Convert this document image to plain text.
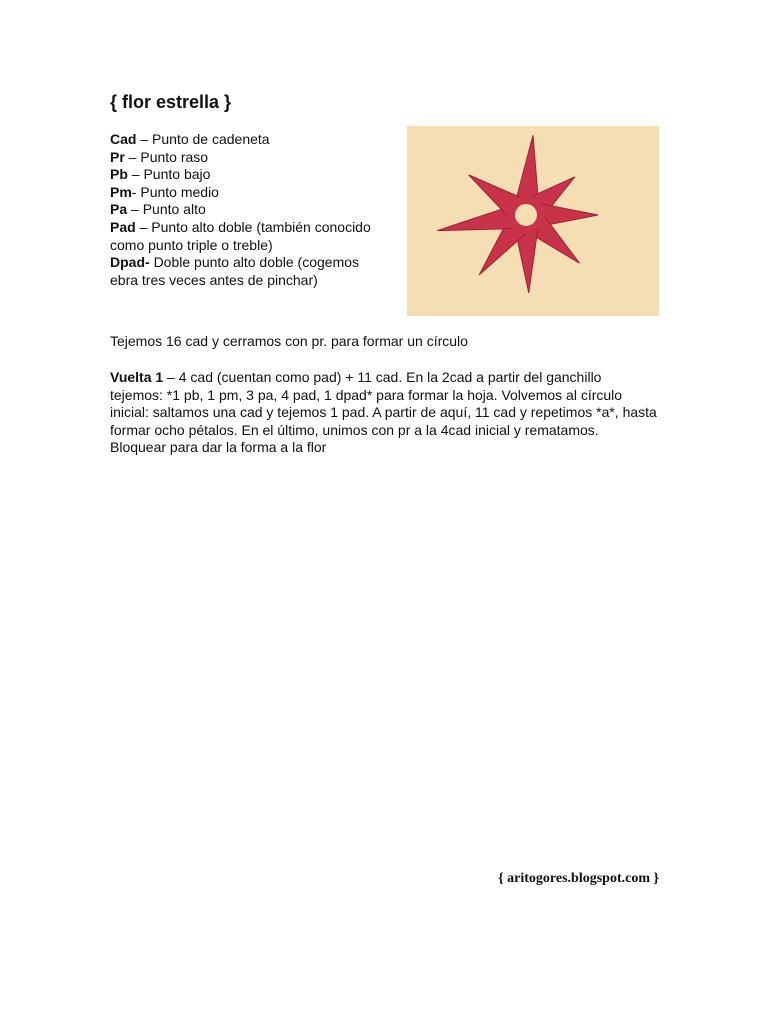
{ flor estrella }

Cad – Punto de cadeneta

Pr – Punto raso

Pb – Punto bajo

Pm- Punto medio

Pa – Punto alto

Pad – Punto alto doble (también conocido como punto triple o treble)

Dpad- Doble punto alto doble (cogemos ebra tres veces antes de pinchar)

Tejemos 16 cad y cerramos con pr. para formar un círculo

Vuelta 1 – 4 cad (cuentan como pad) + 11 cad. En la 2cad a partir del ganchillo tejemos: *1 pb, 1 pm, 3 pa, 4 pad, 1 dpad* para formar la hoja. Volvemos al círculo inicial: saltamos una cad y tejemos 1 pad. A partir de aquí, 11 cad y repetimos *a*, hasta formar ocho pétalos. En el último, unimos con pr a la 4cad inicial y rematamos. Bloquear para dar la forma a la flor

{ aritogores.blogspot.com }
